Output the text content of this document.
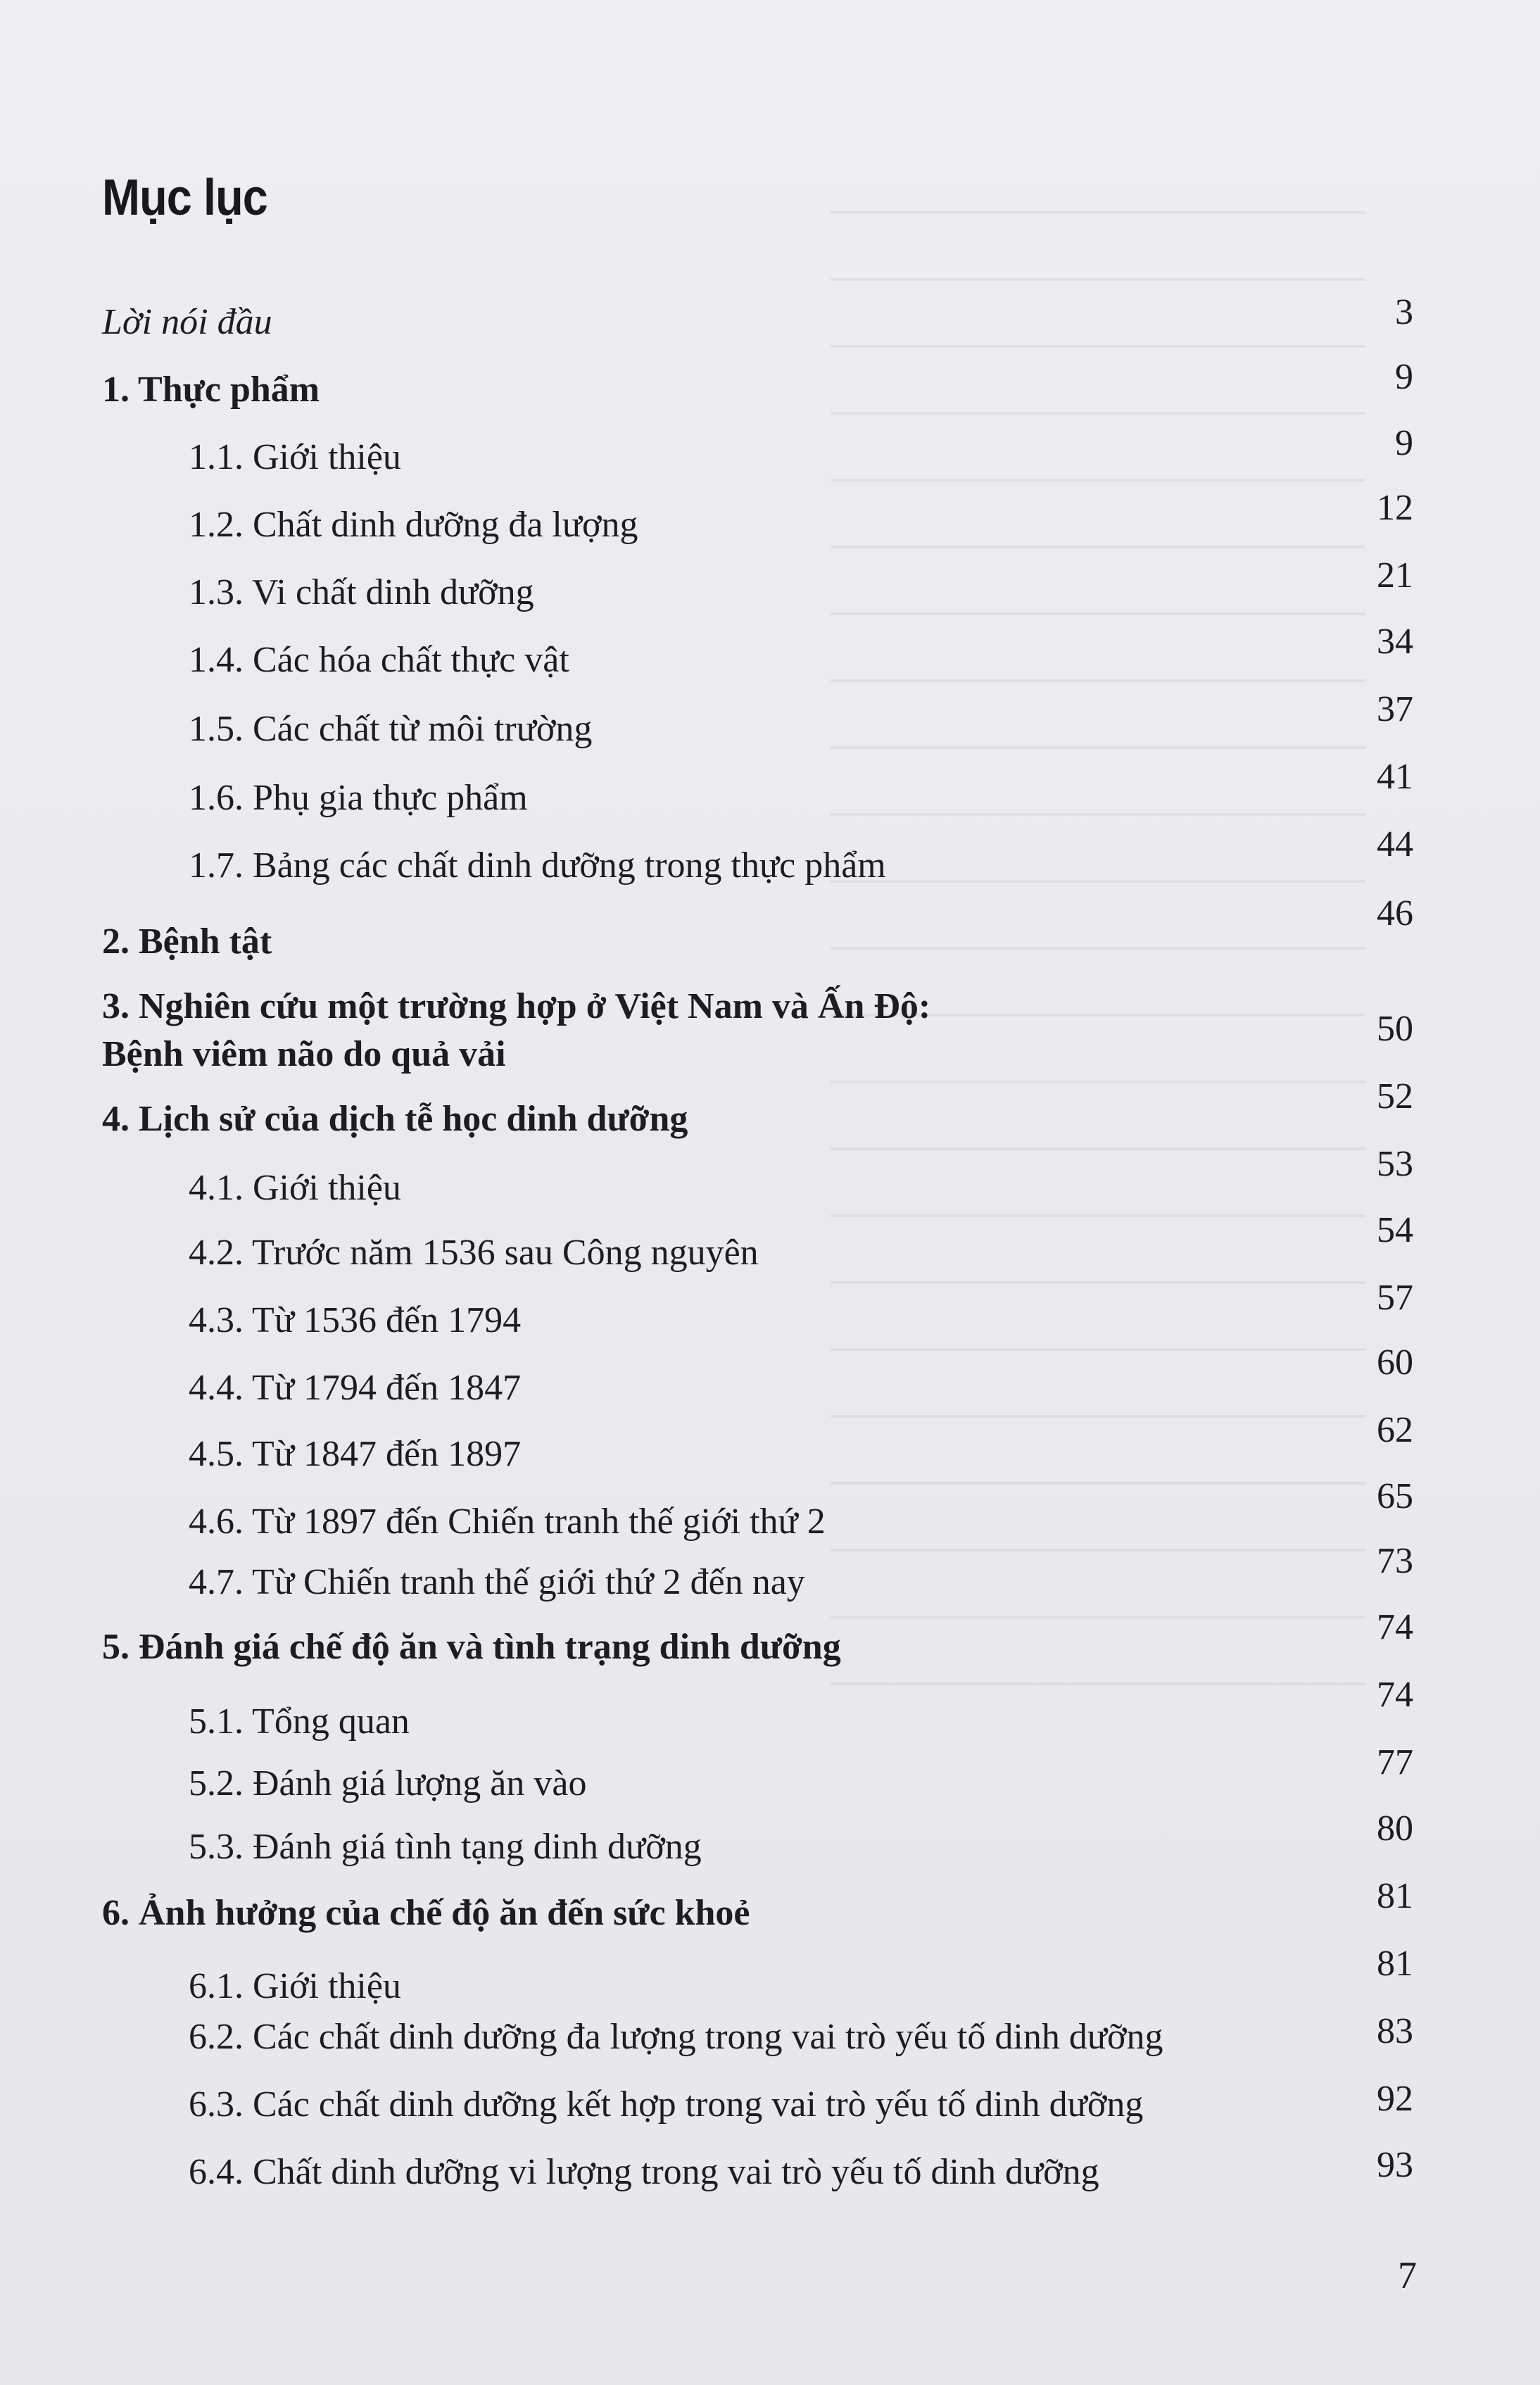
Mục lục
Lời nói đầu
1. Thực phẩm
1.1. Giới thiệu
1.2. Chất dinh dưỡng đa lượng
1.3. Vi chất dinh dưỡng
1.4. Các hóa chất thực vật
1.5. Các chất từ môi trường
1.6. Phụ gia thực phẩm
1.7. Bảng các chất dinh dưỡng trong thực phẩm
2. Bệnh tật
3. Nghiên cứu một trường hợp ở Việt Nam và Ấn Độ:
Bệnh viêm não do quả vải
4. Lịch sử của dịch tễ học dinh dưỡng
4.1. Giới thiệu
4.2. Trước năm 1536 sau Công nguyên
4.3. Từ 1536 đến 1794
4.4. Từ 1794 đến 1847
4.5. Từ 1847 đến 1897
4.6. Từ 1897 đến Chiến tranh thế giới thứ 2
4.7. Từ Chiến tranh thế giới thứ 2 đến nay
5. Đánh giá chế độ ăn và tình trạng dinh dưỡng
5.1. Tổng quan
5.2. Đánh giá lượng ăn vào
5.3. Đánh giá tình tạng dinh dưỡng
6. Ảnh hưởng của chế độ ăn đến sức khoẻ
6.1. Giới thiệu
6.2. Các chất dinh dưỡng đa lượng trong vai trò yếu tố dinh dưỡng
6.3. Các chất dinh dưỡng kết hợp trong vai trò yếu tố dinh dưỡng
6.4. Chất dinh dưỡng vi lượng trong vai trò yếu tố dinh dưỡng
3
9
9
12
21
34
37
41
44
46
50
52
53
54
57
60
62
65
73
74
74
77
80
81
81
83
92
93
7
